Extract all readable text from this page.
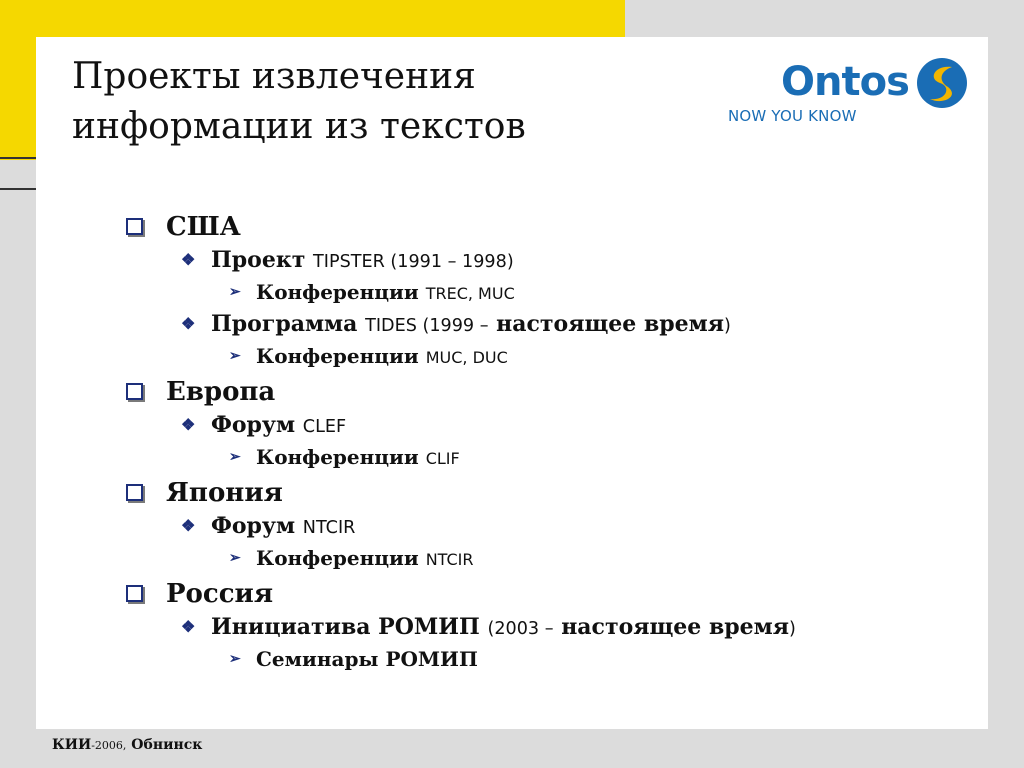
Проекты извлечения
информации из текстов
Ontos
NOW YOU KNOW
США
❖ Проект TIPSTER (1991 – 1998)
➢ Конференции TREC, MUC
❖ Программа TIDES (1999 – настоящее время)
➢ Конференции MUC, DUC
Европа
❖ Форум CLEF
➢ Конференции CLIF
Япония
❖ Форум NTCIR
➢ Конференции NTCIR
Россия
❖ Инициатива РОМИП (2003 – настоящее время)
➢ Семинары РОМИП
КИИ-2006, Обнинск
